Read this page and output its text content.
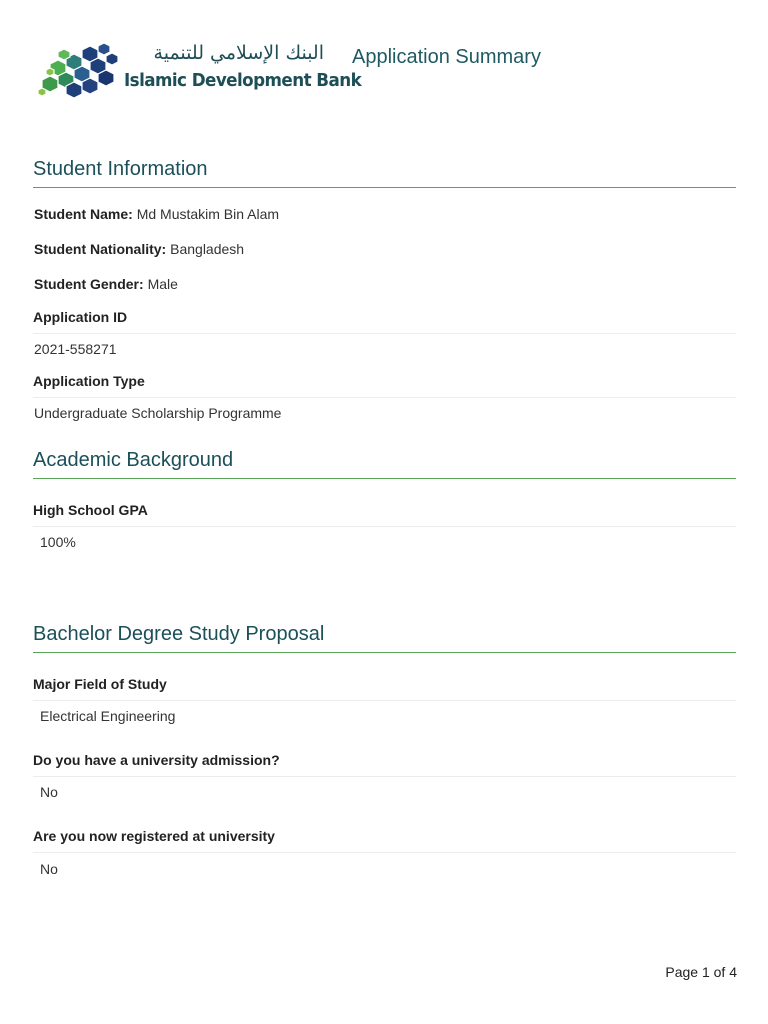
البنك الإسلامي للتنمية
Islamic Development Bank
Application Summary
Student Information
Student Name: Md Mustakim Bin Alam
Student Nationality: Bangladesh
Student Gender: Male
Application ID
2021-558271
Application Type
Undergraduate Scholarship Programme
Academic Background
High School GPA
100%
Bachelor Degree Study Proposal
Major Field of Study
Electrical Engineering
Do you have a university admission?
No
Are you now registered at university
No
Page 1 of 4
